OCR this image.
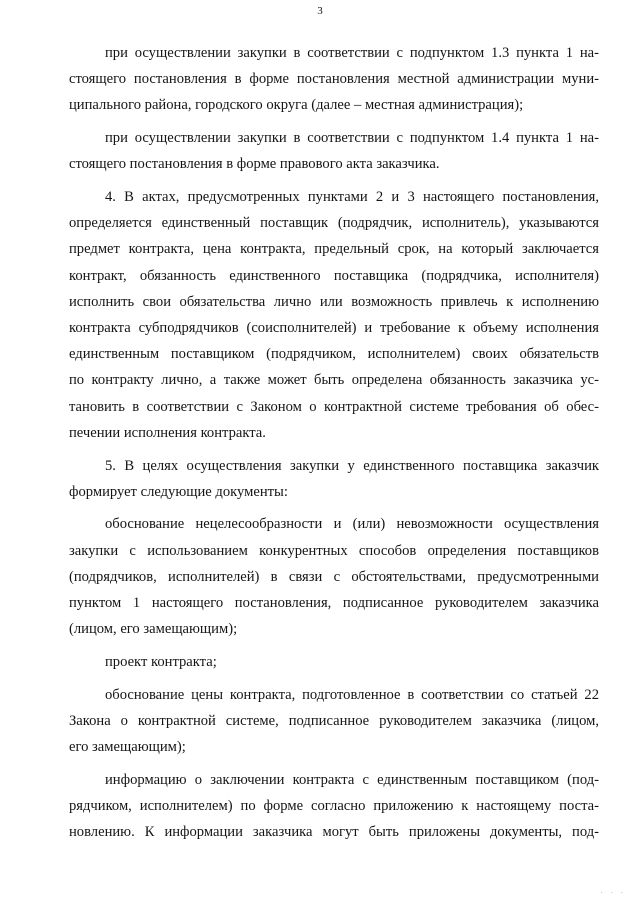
3

при осуществлении закупки в соответствии с подпунктом 1.3 пункта 1 на-
стоящего постановления в форме постановления местной администрации муни-
ципального района, городского округа (далее – местная администрация);

при осуществлении закупки в соответствии с подпунктом 1.4 пункта 1 на-
стоящего постановления в форме правового акта заказчика.

4. В актах, предусмотренных пунктами 2 и 3 настоящего постановления,
определяется единственный поставщик (подрядчик, исполнитель), указываются
предмет контракта, цена контракта, предельный срок, на который заключается
контракт, обязанность единственного поставщика (подрядчика, исполнителя)
исполнить свои обязательства лично или возможность привлечь к исполнению
контракта субподрядчиков (соисполнителей) и требование к объему исполнения
единственным поставщиком (подрядчиком, исполнителем) своих обязательств
по контракту лично, а также может быть определена обязанность заказчика ус-
тановить в соответствии с Законом о контрактной системе требования об обес-
печении исполнения контракта.

5. В целях осуществления закупки у единственного поставщика заказчик
формирует следующие документы:

обоснование нецелесообразности и (или) невозможности осуществления
закупки с использованием конкурентных способов определения поставщиков
(подрядчиков, исполнителей) в связи с обстоятельствами, предусмотренными
пунктом 1 настоящего постановления, подписанное руководителем заказчика
(лицом, его замещающим);

проект контракта;

обоснование цены контракта, подготовленное в соответствии со статьей 22
Закона о контрактной системе, подписанное руководителем заказчика (лицом,
его замещающим);

информацию о заключении контракта с единственным поставщиком (под-
рядчиком, исполнителем) по форме согласно приложению к настоящему поста-
новлению. К информации заказчика могут быть приложены документы, под-

· · ·
